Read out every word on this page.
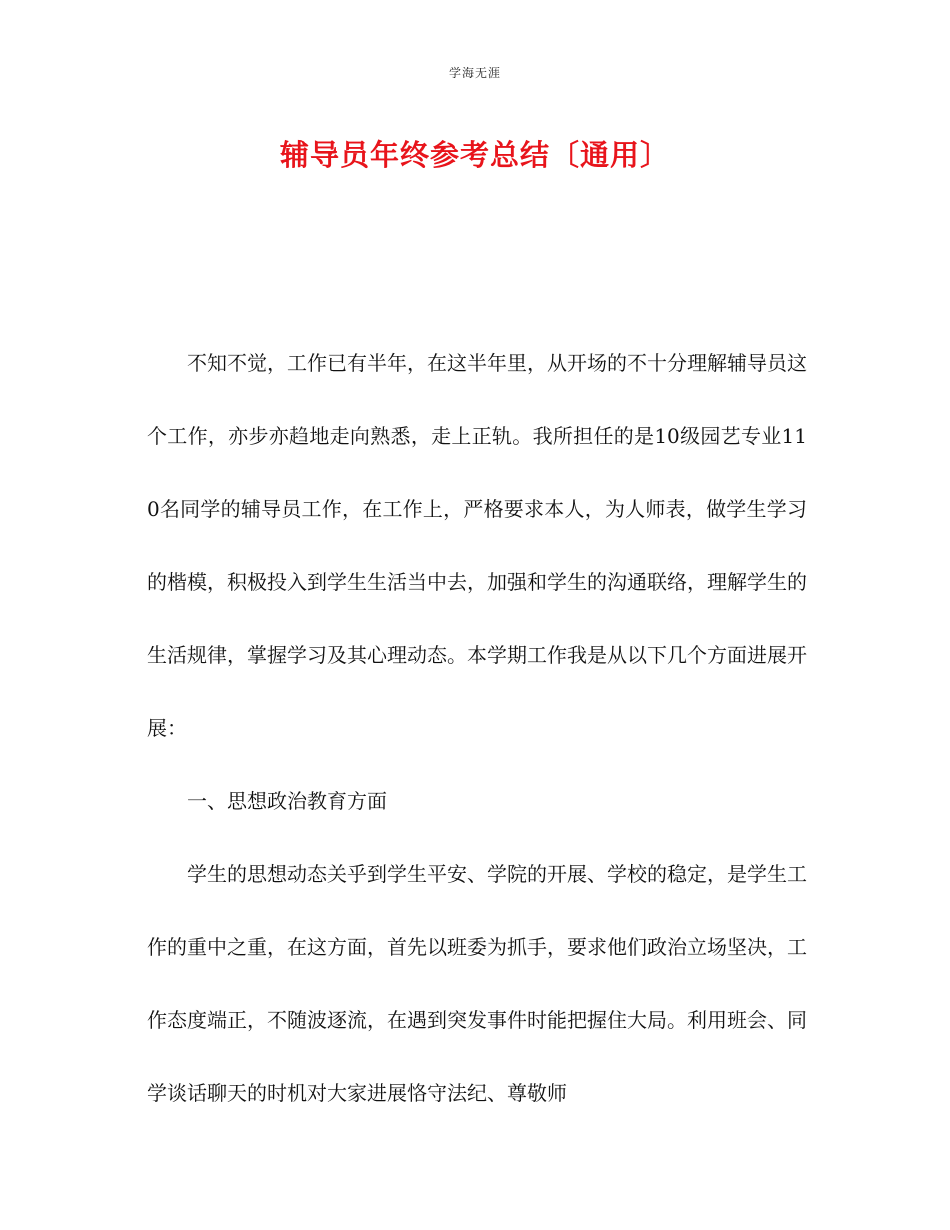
学海无涯
辅导员年终参考总结〔通用〕

不知不觉，工作已有半年，在这半年里，从开场的不十分理解辅导员这个工作，亦步亦趋地走向熟悉，走上正轨。我所担任的是10级园艺专业110名同学的辅导员工作，在工作上，严格要求本人，为人师表，做学生学习的楷模，积极投入到学生生活当中去，加强和学生的沟通联络，理解学生的生活规律，掌握学习及其心理动态。本学期工作我是从以下几个方面进展开展：

一、思想政治教育方面

学生的思想动态关乎到学生平安、学院的开展、学校的稳定，是学生工作的重中之重，在这方面，首先以班委为抓手，要求他们政治立场坚决，工作态度端正，不随波逐流，在遇到突发事件时能把握住大局。利用班会、同学谈话聊天的时机对大家进展恪守法纪、尊敬师
